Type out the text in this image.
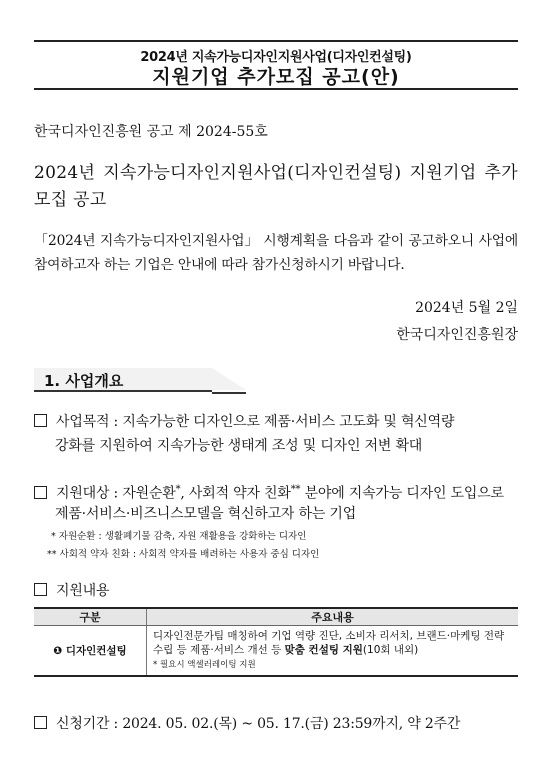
2024년 지속가능디자인지원사업(디자인컨설팅)
지원기업 추가모집 공고(안)
한국디자인진흥원 공고 제 2024-55호
2024년 지속가능디자인지원사업(디자인컨설팅) 지원기업 추가 모집 공고
「2024년 지속가능디자인지원사업」 시행계획을 다음과 같이 공고하오니 사업에 참여하고자 하는 기업은 안내에 따라 참가신청하시기 바랍니다.
2024년 5월 2일
한국디자인진흥원장
1. 사업개요
사업목적 : 지속가능한 디자인으로 제품·서비스 고도화 및 혁신역량
강화를 지원하여 지속가능한 생태계 조성 및 디자인 저변 확대
지원대상 : 자원순환*, 사회적 약자 친화** 분야에 지속가능 디자인 도입으로
제품·서비스·비즈니스모델을 혁신하고자 하는 기업
* 자원순환 : 생활폐기물 감축, 자원 재활용을 강화하는 디자인
** 사회적 약자 친화 : 사회적 약자를 배려하는 사용자 중심 디자인
지원내용
구분	주요내용
❶ 디자인컨설팅	디자인전문가팀 매칭하여 기업 역량 진단, 소비자 리서치, 브랜드·마케팅 전략 수립 등 제품·서비스 개선 등 맞춤 컨설팅 지원(10회 내외)
* 필요시 액셀러레이팅 지원
신청기간 : 2024. 05. 02.(목) ~ 05. 17.(금) 23:59까지, 약 2주간
